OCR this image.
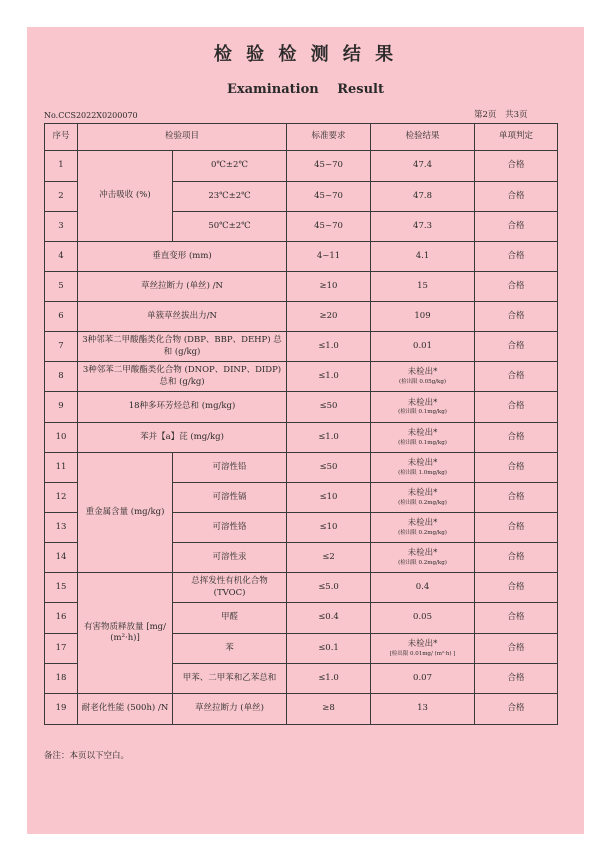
检 验 检 测 结 果
Examination Result
No.CCS2022X0200070	第2页 共3页
序号	检验项目		标准要求	检验结果	单项判定
1	冲击吸收 (%)	0℃±2℃	45~70	47.4	合格
2		23℃±2℃	45~70	47.8	合格
3		50℃±2℃	45~70	47.3	合格
4	垂直变形 (mm)		4~11	4.1	合格
5	草丝拉断力 (单丝) /N		≥10	15	合格
6	单簇草丝拔出力/N		≥20	109	合格
7	3种邻苯二甲酸酯类化合物 (DBP、BBP、DEHP) 总和 (g/kg)		≤1.0	0.01	合格
8	3种邻苯二甲酸酯类化合物 (DNOP、DINP、DIDP) 总和 (g/kg)		≤1.0	未检出*
(检出限 0.05g/kg)	合格
9	18种多环芳烃总和 (mg/kg)		≤50	未检出*
(检出限 0.1mg/kg)	合格
10	苯并【a】芘 (mg/kg)		≤1.0	未检出*
(检出限 0.1mg/kg)	合格
11	重金属含量 (mg/kg)	可溶性铅	≤50	未检出*
(检出限 1.0mg/kg)	合格
12		可溶性镉	≤10	未检出*
(检出限 0.2mg/kg)	合格
13		可溶性铬	≤10	未检出*
(检出限 0.2mg/kg)	合格
14		可溶性汞	≤2	未检出*
(检出限 0.2mg/kg)	合格
15	有害物质释放量 [mg/ (m²·h)]	总挥发性有机化合物 (TVOC)	≤5.0	0.4	合格
16		甲醛	≤0.4	0.05	合格
17		苯	≤0.1	未检出*
[检出限 0.01mg/ (m²·h) ]	合格
18		甲苯、二甲苯和乙苯总和	≤1.0	0.07	合格
19	耐老化性能 (500h) /N	草丝拉断力 (单丝)	≥8	13	合格
备注：本页以下空白。
